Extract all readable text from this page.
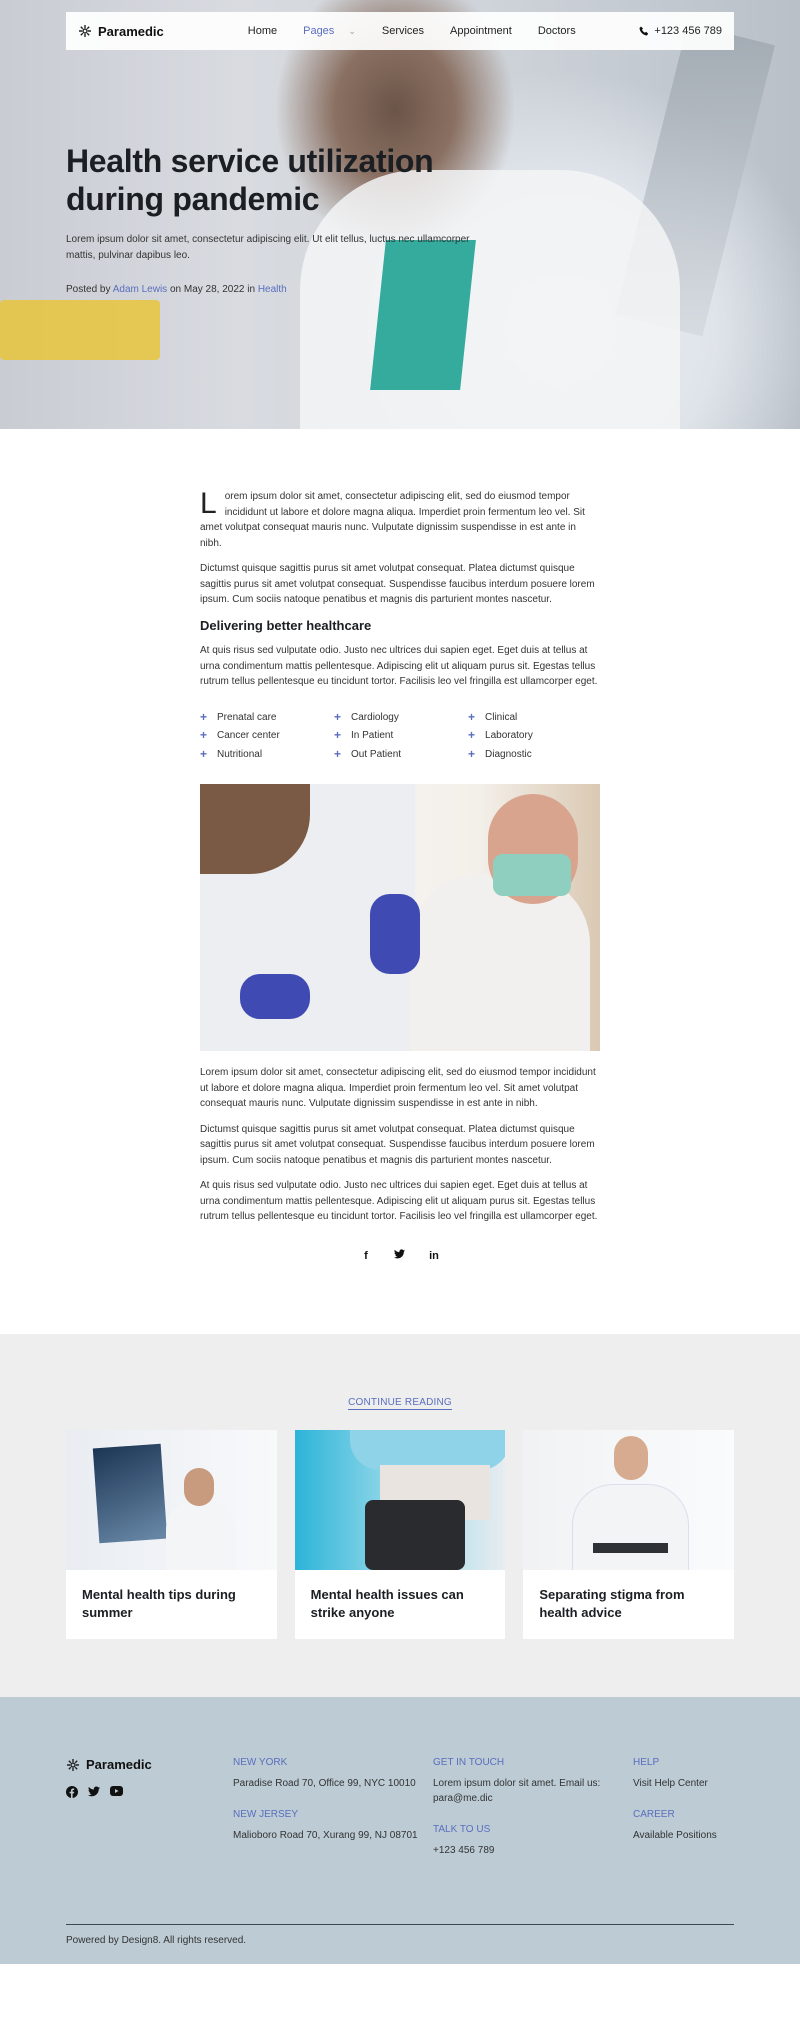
Paramedic	Home Pages ⌄ Services Appointment Doctors	+123 456 789
Health service utilization during pandemic

Lorem ipsum dolor sit amet, consectetur adipiscing elit. Ut elit tellus, luctus nec ullamcorper mattis, pulvinar dapibus leo.

Posted by Adam Lewis on May 28, 2022 in Health

Lorem ipsum dolor sit amet, consectetur adipiscing elit, sed do eiusmod tempor incididunt ut labore et dolore magna aliqua. Imperdiet proin fermentum leo vel. Sit amet volutpat consequat mauris nunc. Vulputate dignissim suspendisse in est ante in nibh.

Dictumst quisque sagittis purus sit amet volutpat consequat. Platea dictumst quisque sagittis purus sit amet volutpat consequat. Suspendisse faucibus interdum posuere lorem ipsum. Cum sociis natoque penatibus et magnis dis parturient montes nascetur.

Delivering better healthcare

At quis risus sed vulputate odio. Justo nec ultrices dui sapien eget. Eget duis at tellus at urna condimentum mattis pellentesque. Adipiscing elit ut aliquam purus sit. Egestas tellus rutrum tellus pellentesque eu tincidunt tortor. Facilisis leo vel fringilla est ullamcorper eget.

+ Prenatal care	+ Cardiology	+ Clinical
+ Cancer center	+ In Patient	+ Laboratory
+ Nutritional	+ Out Patient	+ Diagnostic

Lorem ipsum dolor sit amet, consectetur adipiscing elit, sed do eiusmod tempor incididunt ut labore et dolore magna aliqua. Imperdiet proin fermentum leo vel. Sit amet volutpat consequat mauris nunc. Vulputate dignissim suspendisse in est ante in nibh.

Dictumst quisque sagittis purus sit amet volutpat consequat. Platea dictumst quisque sagittis purus sit amet volutpat consequat. Suspendisse faucibus interdum posuere lorem ipsum. Cum sociis natoque penatibus et magnis dis parturient montes nascetur.

At quis risus sed vulputate odio. Justo nec ultrices dui sapien eget. Eget duis at tellus at urna condimentum mattis pellentesque. Adipiscing elit ut aliquam purus sit. Egestas tellus rutrum tellus pellentesque eu tincidunt tortor. Facilisis leo vel fringilla est ullamcorper eget.

f	in
CONTINUE READING
Mental health tips during summer
Mental health issues can strike anyone
Separating stigma from health advice
Paramedic	NEW YORK
Paradise Road 70, Office 99, NYC 10010
NEW JERSEY
Malioboro Road 70, Xurang 99, NJ 08701
GET IN TOUCH
Lorem ipsum dolor sit amet. Email us: para@me.dic
TALK TO US
+123 456 789
HELP
Visit Help Center
CAREER
Available Positions
Powered by Design8. All rights reserved.
